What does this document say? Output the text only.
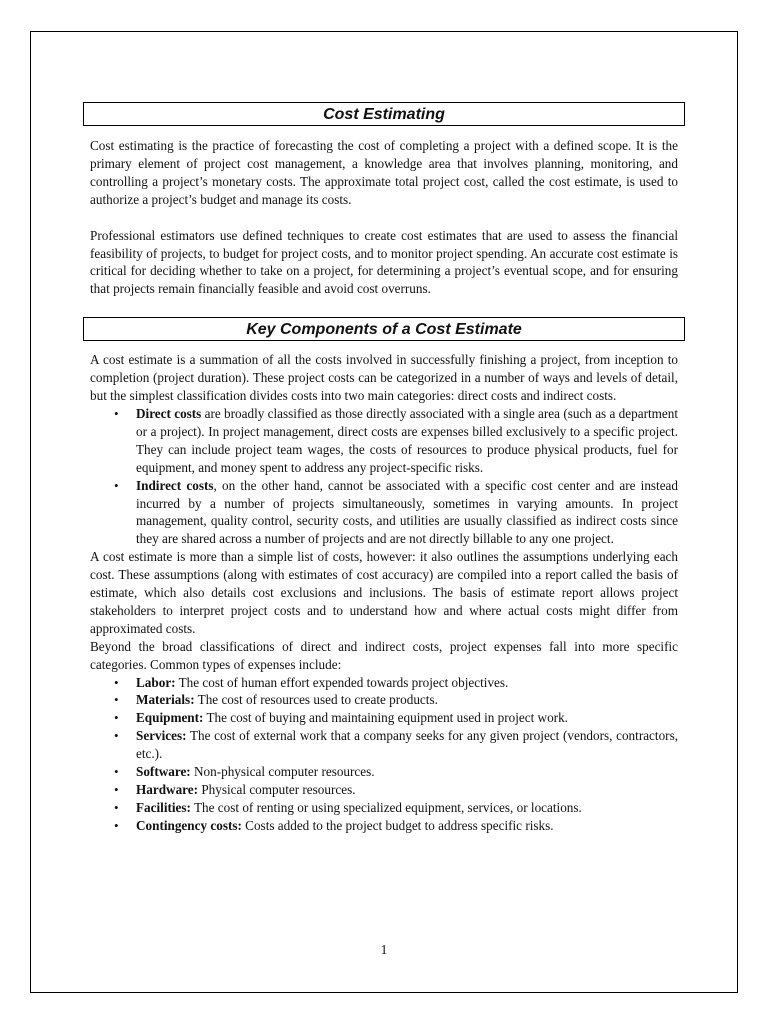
Cost Estimating

Cost estimating is the practice of forecasting the cost of completing a project with a defined scope. It is the primary element of project cost management, a knowledge area that involves planning, monitoring, and controlling a project’s monetary costs. The approximate total project cost, called the cost estimate, is used to authorize a project’s budget and manage its costs.

Professional estimators use defined techniques to create cost estimates that are used to assess the financial feasibility of projects, to budget for project costs, and to monitor project spending. An accurate cost estimate is critical for deciding whether to take on a project, for determining a project’s eventual scope, and for ensuring that projects remain financially feasible and avoid cost overruns.

Key Components of a Cost Estimate

A cost estimate is a summation of all the costs involved in successfully finishing a project, from inception to completion (project duration). These project costs can be categorized in a number of ways and levels of detail, but the simplest classification divides costs into two main categories: direct costs and indirect costs.

• Direct costs are broadly classified as those directly associated with a single area (such as a department or a project). In project management, direct costs are expenses billed exclusively to a specific project. They can include project team wages, the costs of resources to produce physical products, fuel for equipment, and money spent to address any project-specific risks.
• Indirect costs, on the other hand, cannot be associated with a specific cost center and are instead incurred by a number of projects simultaneously, sometimes in varying amounts. In project management, quality control, security costs, and utilities are usually classified as indirect costs since they are shared across a number of projects and are not directly billable to any one project.

A cost estimate is more than a simple list of costs, however: it also outlines the assumptions underlying each cost. These assumptions (along with estimates of cost accuracy) are compiled into a report called the basis of estimate, which also details cost exclusions and inclusions. The basis of estimate report allows project stakeholders to interpret project costs and to understand how and where actual costs might differ from approximated costs.

Beyond the broad classifications of direct and indirect costs, project expenses fall into more specific categories. Common types of expenses include:

• Labor: The cost of human effort expended towards project objectives.
• Materials: The cost of resources used to create products.
• Equipment: The cost of buying and maintaining equipment used in project work.
• Services: The cost of external work that a company seeks for any given project (vendors, contractors, etc.).
• Software: Non-physical computer resources.
• Hardware: Physical computer resources.
• Facilities: The cost of renting or using specialized equipment, services, or locations.
• Contingency costs: Costs added to the project budget to address specific risks.
1
